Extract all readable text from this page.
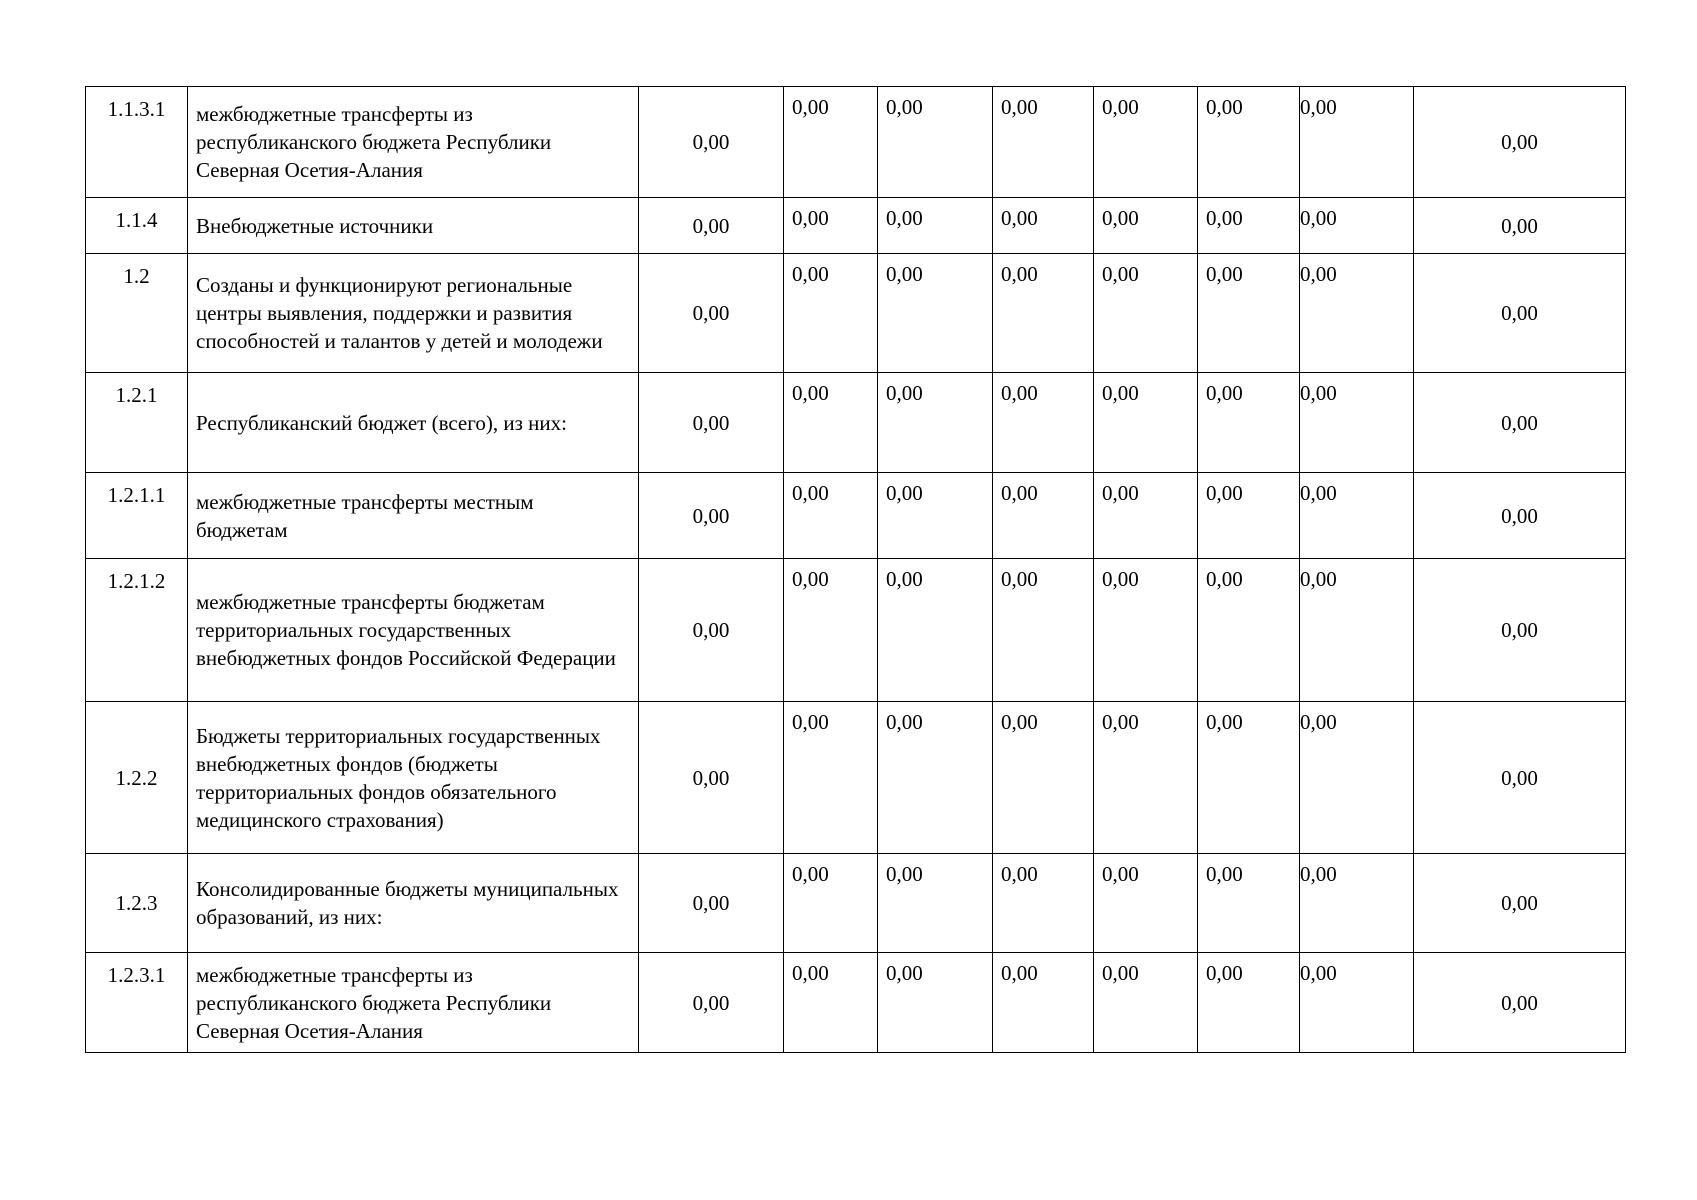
1.1.3.1	межбюджетные трансферты из республиканского бюджета Республики Северная Осетия-Алания	0,00	0,00	0,00	0,00	0,00	0,00	0,00	0,00
1.1.4	Внебюджетные источники	0,00	0,00	0,00	0,00	0,00	0,00	0,00	0,00
1.2	Созданы и функционируют региональные центры выявления, поддержки и развития способностей и талантов у детей и молодежи	0,00	0,00	0,00	0,00	0,00	0,00	0,00	0,00
1.2.1	Республиканский бюджет (всего), из них:	0,00	0,00	0,00	0,00	0,00	0,00	0,00	0,00
1.2.1.1	межбюджетные трансферты местным бюджетам	0,00	0,00	0,00	0,00	0,00	0,00	0,00	0,00
1.2.1.2	межбюджетные трансферты бюджетам территориальных государственных внебюджетных фондов Российской Федерации	0,00	0,00	0,00	0,00	0,00	0,00	0,00	0,00
1.2.2	Бюджеты территориальных государственных внебюджетных фондов (бюджеты территориальных фондов обязательного медицинского страхования)	0,00	0,00	0,00	0,00	0,00	0,00	0,00	0,00
1.2.3	Консолидированные бюджеты муниципальных образований, из них:	0,00	0,00	0,00	0,00	0,00	0,00	0,00	0,00
1.2.3.1	межбюджетные трансферты из республиканского бюджета Республики Северная Осетия-Алания	0,00	0,00	0,00	0,00	0,00	0,00	0,00	0,00
